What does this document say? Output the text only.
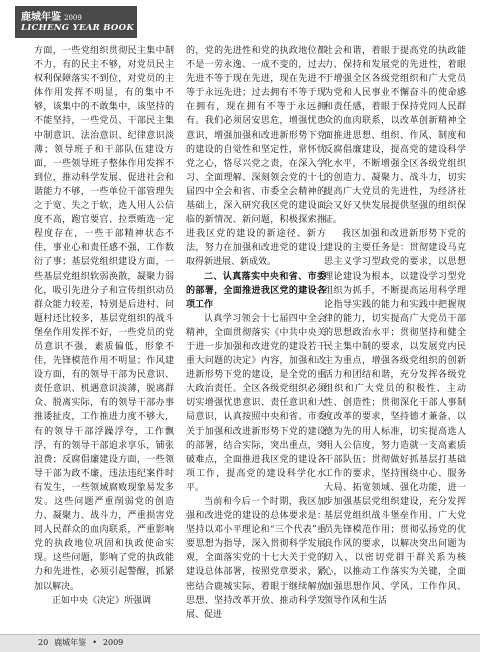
鹿城年鉴 2009
LICHENG YEAR BOOK

方面，一些党组织贯彻民主集中制不力，有的民主不够，对党员民主权利保障落实不到位，对党员的主体作用发挥不明显，有的集中不够，该集中的不敢集中，该坚持的不能坚持，一些党员、干部民主集中制意识、法治意识、纪律意识淡薄；领导班子和干部队伍建设方面，一些领导班子整体作用发挥不到位，推动科学发展、促进社会和谐能力不够，一些单位干部管理失之于宽、失之于软，选人用人公信度不高，跑官要官、拉票贿选一定程度存在，一些干部精神状态不佳，事业心和责任感不强，工作数衍了事；基层党组织建设方面，一些基层党组织软弱涣散，凝聚力弱化，吸引先进分子和宣传组织动员群众能力较差，特别是后进村、问题村还比较多，基层党组织的战斗堡垒作用发挥不好，一些党员的党员意识不强，素质偏低，形象不佳，先锋模范作用不明显；作风建设方面，有的领导干部为民意识、责任意识、机遇意识淡薄，脱离群众、脱离实际，有的领导干部办事推诿扯皮，工作推进力度不够大，有的领导干部浮躁浮夸，工作飘浮，有的领导干部追求享乐，铺张浪费；反腐倡廉建设方面，一些领导干部为政不廉，违法违纪案件时有发生，一些领域腐败现象易发多发。这些问题严重削弱党的创造力、凝聚力、战斗力，严重损害党同人民群众的血肉联系，严重影响党的执政地位巩固和执政使命实现。这些问题，影响了党的执政能力和先进性，必须引起警醒，抓紧加以解决。

正如中央《决定》所强调

的，党的先进性和党的执政地位都不是一劳永逸、一成不变的，过去先进不等于现在先进，现在先进不等于永远先进；过去拥有不等于现在拥有，现在拥有不等于永远拥有。我们必须居安思危，增强忧患意识，增强加强和改进新形势下党的建设的自觉性和坚定性，常怀忧党之心，恪尽兴党之责，在深入学习、全面理解、深刻领会党的十七届四中全会和省、市委全会精神的基础上，深入研究我区党的建设面临的新情况、新问题，积极探索推进我区党的建设的新途径、新方法，努力在加强和改进党的建设上取得新进展、新成效。

二、认真落实中央和省、市委的部署，全面推进我区党的建设各项工作

认真学习领会十七届四中全会精神，全面贯彻落实《中共中央关于进一步加强和改进党的建设若干重大问题的决定》内容，加强和改进新形势下党的建设，是全党的重大政治责任。全区各级党组织必须切实增强忧患意识、责任意识和大局意识，认真按照中央和省、市委关于加强和改进新形势下党的建设的部署，结合实际，突出重点，突破难点，全面推进我区党的建设各项工作，提高党的建设科学化水平。

当前和今后一个时期，我区加强和改进党的建设的总体要求是：坚持以邓小平理论和“三个代表”重要思想为指导，深入贯彻科学发展观，全面落实党的十七大关于党的建设总体部署，按照党章要求，紧密结合鹿城实际，着眼于继续解放思想、坚持改革开放、推动科学发展、促进

社会和谐，着眼于提高党的执政能力、保持和发展党的先进性，着眼于增强全区各级党组织和广大党员为党和人民事业不懈奋斗的使命感和责任感，着眼于保持党同人民群众的血肉联系，以改革创新精神全面推进思想、组织、作风、制度和反腐倡廉建设，提高党的建设科学化水平，不断增强全区各级党组织的创造力、凝聚力、战斗力，切实提高广大党员的先进性，为经济社会又好又快发展提供坚强的组织保证。

我区加强和改进新形势下党的建设的主要任务是：贯彻建设马克思主义学习型政党的要求，以思想理论建设为根本，以建设学习型党组织为抓手，不断提高运用科学理论指导实践的能力和实践中把握规律的能力，切实提高广大党员干部的思想政治水平；贯彻坚持和健全民主集中制的要求，以发展党内民主为重点，增强各级党组织的创新活力和团结和谐，充分发挥各级党组织和广大党员的积极性、主动性、创造性；贯彻深化干部人事制度改革的要求，坚持德才兼备、以德为先的用人标准，切实提高选人用人公信度，努力造就一支高素质干部队伍；贯彻做好抓基层打基础工作的要求，坚持围绕中心、服务大局、拓宽领域、强化功能，进一步加强基层党组织建设，充分发挥基层党组织战斗堡垒作用、广大党员先锋模范作用；贯彻弘扬党的优良作风的要求，以解决突出问题为切入，以密切党群干群关系为核心，以推动工作落实为关键，全面加强思想作风、学风、工作作风、领导作风和生活

20 鹿城年鉴 • 2009
